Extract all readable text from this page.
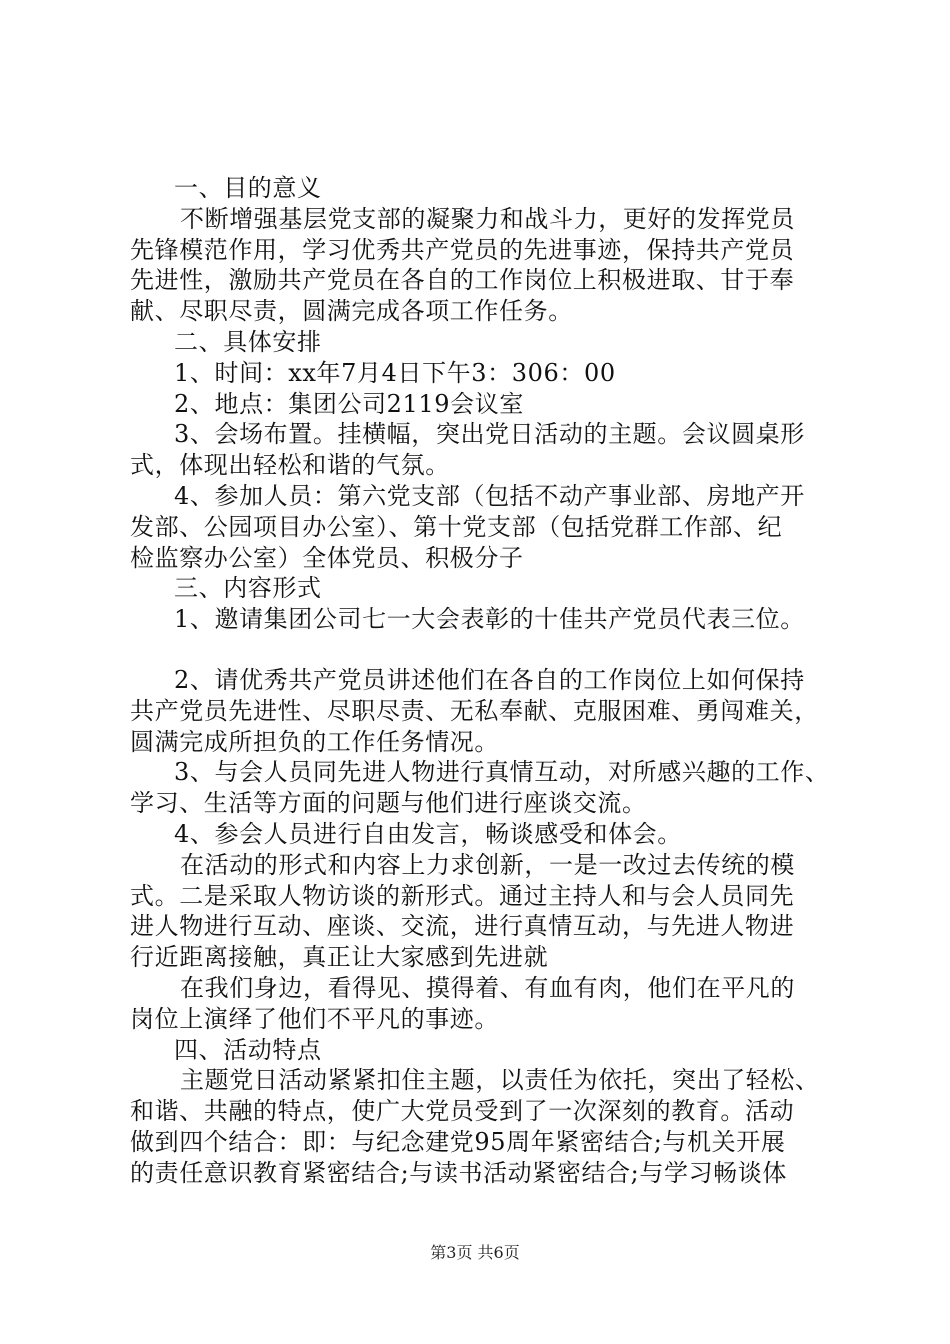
一、目的意义
不断增强基层党支部的凝聚力和战斗力，更好的发挥党员
先锋模范作用，学习优秀共产党员的先进事迹，保持共产党员
先进性，激励共产党员在各自的工作岗位上积极进取、甘于奉
献、尽职尽责，圆满完成各项工作任务。
二、具体安排
1、时间：xx年7月4日下午3：306：00
2、地点：集团公司2119会议室
3、会场布置。挂横幅，突出党日活动的主题。会议圆桌形
式，体现出轻松和谐的气氛。
4、参加人员：第六党支部（包括不动产事业部、房地产开
发部、公园项目办公室）、第十党支部（包括党群工作部、纪
检监察办公室）全体党员、积极分子
三、内容形式
1、邀请集团公司七一大会表彰的十佳共产党员代表三位。
2、请优秀共产党员讲述他们在各自的工作岗位上如何保持
共产党员先进性、尽职尽责、无私奉献、克服困难、勇闯难关，
圆满完成所担负的工作任务情况。
3、与会人员同先进人物进行真情互动，对所感兴趣的工作、
学习、生活等方面的问题与他们进行座谈交流。
4、参会人员进行自由发言，畅谈感受和体会。
在活动的形式和内容上力求创新，一是一改过去传统的模
式。二是采取人物访谈的新形式。通过主持人和与会人员同先
进人物进行互动、座谈、交流，进行真情互动，与先进人物进
行近距离接触，真正让大家感到先进就
在我们身边，看得见、摸得着、有血有肉，他们在平凡的
岗位上演绎了他们不平凡的事迹。
四、活动特点
主题党日活动紧紧扣住主题，以责任为依托，突出了轻松、
和谐、共融的特点，使广大党员受到了一次深刻的教育。活动
做到四个结合：即：与纪念建党95周年紧密结合;与机关开展
的责任意识教育紧密结合;与读书活动紧密结合;与学习畅谈体
第3页 共6页
